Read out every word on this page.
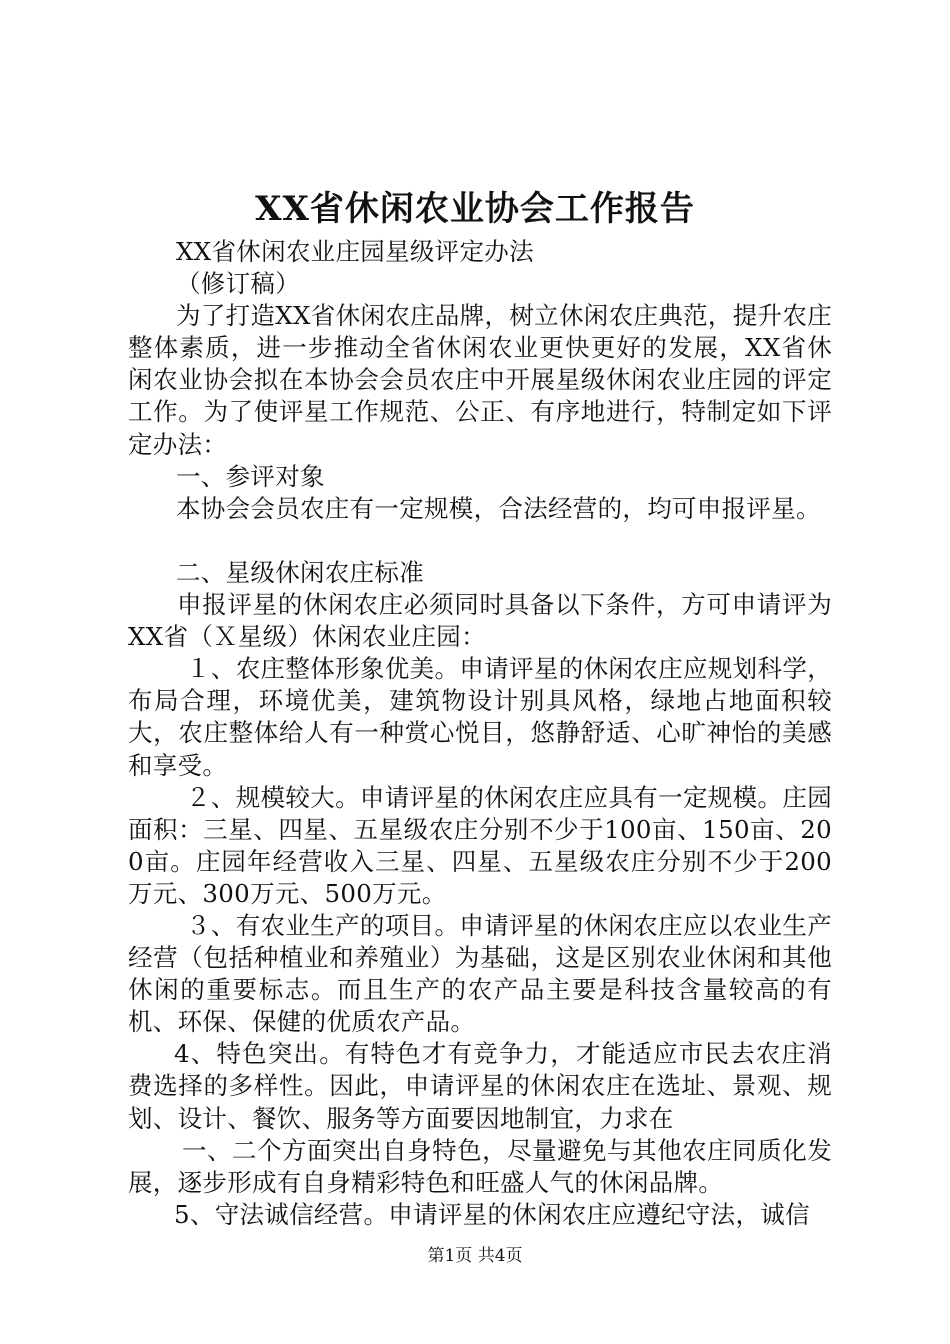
XX省休闲农业协会工作报告

XX省休闲农业庄园星级评定办法

（修订稿）

为了打造XX省休闲农庄品牌，树立休闲农庄典范，提升农庄整体素质，进一步推动全省休闲农业更快更好的发展，XX省休闲农业协会拟在本协会会员农庄中开展星级休闲农业庄园的评定工作。为了使评星工作规范、公正、有序地进行，特制定如下评定办法：

一、参评对象

本协会会员农庄有一定规模，合法经营的，均可申报评星。

二、星级休闲农庄标准

申报评星的休闲农庄必须同时具备以下条件，方可申请评为XX省（Ｘ星级）休闲农业庄园：

１、农庄整体形象优美。申请评星的休闲农庄应规划科学，布局合理，环境优美，建筑物设计别具风格，绿地占地面积较大，农庄整体给人有一种赏心悦目，悠静舒适、心旷神怡的美感和享受。

２、规模较大。申请评星的休闲农庄应具有一定规模。庄园面积：三星、四星、五星级农庄分别不少于100亩、150亩、200亩。庄园年经营收入三星、四星、五星级农庄分别不少于200万元、300万元、500万元。

３、有农业生产的项目。申请评星的休闲农庄应以农业生产经营（包括种植业和养殖业）为基础，这是区别农业休闲和其他休闲的重要标志。而且生产的农产品主要是科技含量较高的有机、环保、保健的优质农产品。

4、特色突出。有特色才有竞争力，才能适应市民去农庄消费选择的多样性。因此，申请评星的休闲农庄在选址、景观、规划、设计、餐饮、服务等方面要因地制宜，力求在

一、二个方面突出自身特色，尽量避免与其他农庄同质化发展，逐步形成有自身精彩特色和旺盛人气的休闲品牌。

5、守法诚信经营。申请评星的休闲农庄应遵纪守法，诚信

第1页 共4页
